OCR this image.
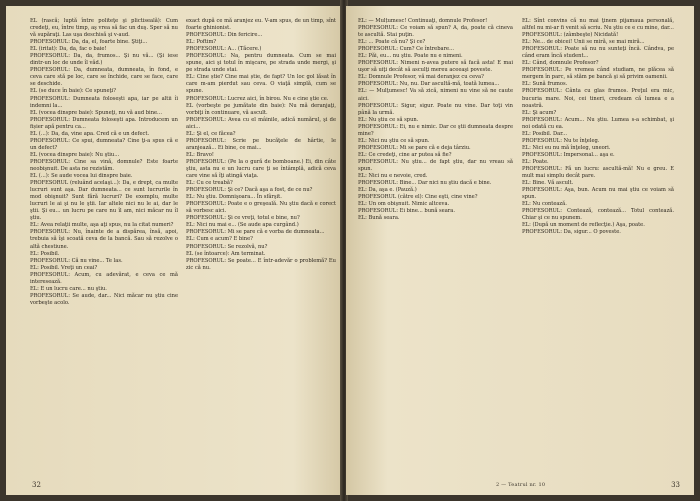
EL (rască; luptă între politeţe şi plictiseală): Cum credeţi, eu, între timp, aş vrea să fac un duş. Sper să nu vă supăraţi. Las uşa deschisă şi v-aud.

PROFESORUL: Da, da, el, foarte bine. Ştiţi...

EL (iritat): Da, da, fac o baie!

PROFESORUL: Da, da, frumos... Şi nu vă... (Şi iese dintr-un loc de unde îl văd.)

PROFESORUL: Da, dumneata, dumneata, în fond, e ceva care stă pe loc, care se închide, care se face, care se deschide.

EL (se duce în baie): Ce spuneţi?

PROFESORUL: Dumneata folosești apa, iar pe altii îi indemni la...

EL (vocea dinspre baie): Spuneţi, nu vă aud bine...

PROFESORUL: Dumneata folosești apa. Introducem un fișier apă pentru ca...

EL (...): Da, da, vine apa. Cred că e un defect.

PROFESORUL: Ce spui, dumneata? Cine ţi-a spus că e un defect?

EL (vocea dinspre baie): Nu ştiu...

PROFESORUL: Cine sa vină, domnule? Este foarte neobişnuit. De asta ne rezistăm.

EL (...): Se aude vocea lui dinspre baie.

PROFESORUL (reluând acelaşi...): Da, e drept, ca multe lucruri sunt aşa. Dar dumneata... ce sunt lucrurile în mod obişnuit? Sunt fără lucruri? De exemplu, multe lucruri le ai şi nu le ştii. Iar altele nici nu le ai, dar le ştii. Şi eu... un lucru pe care nu îl am, nici măcar nu îl ştiu.

EL: Avea relaţii multe, aşa aţi spus, nu la citat numeri?

PROFESORUL: Nu, înainte de a dispărea, însă, apoi, trebuia să îşi scoată ceva de la bancă. Sau să rezolve o altă chestiune.

EL: Posibil.

PROFESORUL: Că nu vine... Te las.

EL: Posibil. Vreţi un ceai?

PROFESORUL: Acum, cu adevărat, e ceva ce mă interesează.

EL: E un lucru care... nu ştiu.

PROFESORUL: Se aude, dar... Nici măcar nu ştiu cine vorbeşte acolo.

exact după ce mă aranjez eu. V-am spus, de un timp, sînt foarte ghinionist.

PROFESORUL: Din fericire...

EL: Poftim?

PROFESORUL: A... (Tăcere.)

PROFESORUL: Na, pentru dumneata. Cum se mai spune, aici şi totul în mişcare, pe strada unde mergi, şi pe strada unde stai.

EL: Cine știe? Cine mai știe, de fapt? Un loc gol lăsat în care m-am pierdut sau ceva. O viaţă simplă, cum se spune.

PROFESORUL: Lucrez aici, în birou. Nu e cine ştie ce.

EL (vorbeşte pe jumătate din baie): Nu mă deranjaţi, vorbiţi în continuare, vă ascult.

PROFESORUL: Avea cu el mâinile, adică numărul, şi de aici...

EL: Şi el, ce făcea?

PROFESORUL: Scrie pe bucăţele de hârtie, le aranjează... Ei bine, ce mai...

EL: Bravo!

PROFESORUL: (Pe la o gură de bomboane.) Ei, din câte ştiu, asta nu e un lucru care ţi se întâmplă, adică ceva care vine să îţi atingă viaţa.

EL: Cu ce treabă?

PROFESORUL: Şi ce? Dacă aşa a fost, de ce nu?

EL: Nu ştiu. Domnişoara... În sfârşit.

PROFESORUL: Poate e o greşeală. Nu ştiu dacă e corect să vorbesc aici.

PROFESORUL: Şi ce vreţi, totul e bine, nu?

EL: Nici nu mai e... (Se aude apa curgând.)

PROFESORUL: Mi se pare că e vorba de dumneata...

EL: Cum e acum? E bine?

PROFESORUL: Se rezolvă, nu?

EL (se întoarce): Am terminat.

PROFESORUL: Se poate... E într-adevăr o problemă? Eu zic că nu.

32

EL: — Mulțumesc! Continuaţi, domnule Profesor!

PROFESORUL: Ce voiam să spun? A, da, poate că cineva te ascultă. Stai puţin.

EL: ... Poate că nu? Şi ce?

PROFESORUL: Cum? Ce întrebare...

EL: Păi, eu... nu ştiu. Poate nu e nimeni.

PROFESORUL: Nimeni n-avea putere să facă asta! E mai uşor să uiţi decât să asculţi mereu aceeaşi poveste.

EL: Domnule Profesor, vă mai deranjez cu ceva?

PROFESORUL: Nu, nu. Dar ascultă-mă, toată lumea...

EL: — Mulţumesc! Va să zică, nimeni nu vine să ne caute aici.

PROFESORUL: Sigur, sigur. Poate nu vine. Dar toţi vin până la urmă.

EL: Nu ştiu ce să spun.

PROFESORUL: Ei, nu e nimic. Dar ce ştii dumneata despre mine?

EL: Nici nu ştiu ce să spun.

PROFESORUL: Mi se pare că e deja târziu.

EL: Ce credeţi, cine ar putea să fie?

PROFESORUL: Nu ştiu... de fapt ştiu, dar nu vreau să spun.

EL: Nici nu e nevoie, cred.

PROFESORUL: Bine... Dar nici nu ştiu dacă e bine.

EL: Da, aşa e. (Pauză.)

PROFESORUL (către el): Cine eşti, cine vine?

EL: Un om obişnuit. Nimic altceva.

PROFESORUL: Ei bine... bună seara.

EL: Bună seara.

EL: Sînt convins că nu mai ţinem pijamaua personală, altfel nu mi-ar fi venit să scriu. Nu ştiu ce e cu mine, dar...

PROFESORUL: (zâmbeşte) Nicidată!

EL: Ne... de obicei! Unii se miră, se mai miră...

PROFESORUL: Poate să nu nu sunteţi încă. Cândva, pe când eram încă student...

EL: Când, domnule Profesor?

PROFESORUL: Pe vremea când studiam, ne plăcea să mergem în parc, să stăm pe bancă şi să privim oamenii.

EL: Sună frumos.

PROFESORUL: Cânta cu glas frumos. Preţul era mic, bucuria mare. Noi, cei tineri, credeam că lumea e a noastră.

EL: Şi acum?

PROFESORUL: Acum... Nu ştiu. Lumea s-a schimbat, şi noi odată cu ea.

EL: Posibil. Dar...

PROFESORUL: Nu te înţeleg.

EL: Nici eu nu mă înţeleg, uneori.

PROFESORUL: Impersonal... aşa e.

EL: Poate.

PROFESORUL: Fă un lucru: ascultă-mă! Nu e greu. E mult mai simplu decât pare.

EL: Bine. Vă ascult.

PROFESORUL: Aşa, bun. Acum nu mai ştiu ce voiam să spun.

EL: Nu contează.

PROFESORUL: Contează, contează... Totul contează. Chiar şi ce nu spunem.

EL: (După un moment de reflecţie.) Aşa, poate.

PROFESORUL: Da, sigur... O poveste.

2 — Teatrul nr. 10	33
